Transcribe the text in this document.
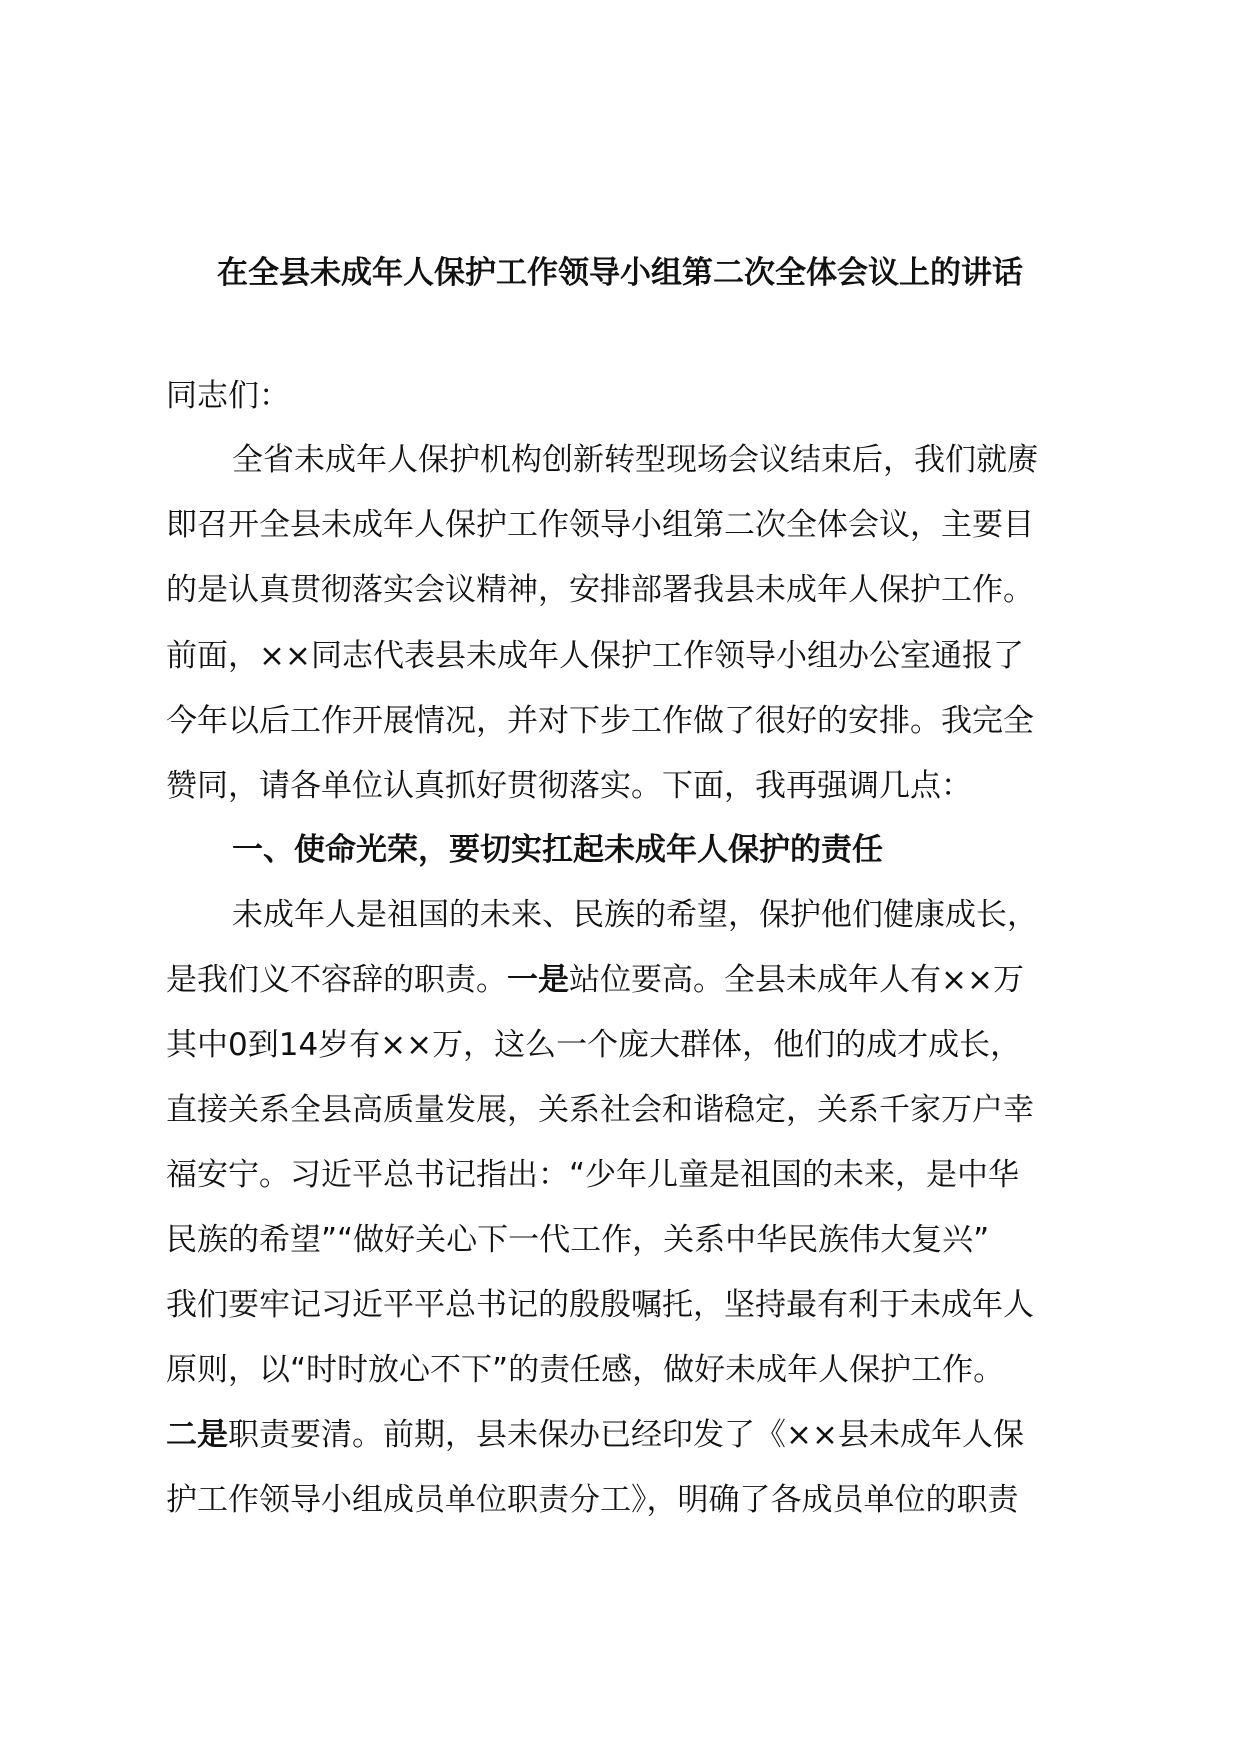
在全县未成年人保护工作领导小组第二次全体会议上的讲话
同志们：
全省未成年人保护机构创新转型现场会议结束后，我们就赓
即召开全县未成年人保护工作领导小组第二次全体会议，主要目
的是认真贯彻落实会议精神，安排部署我县未成年人保护工作。
前面，××同志代表县未成年人保护工作领导小组办公室通报了
今年以后工作开展情况，并对下步工作做了很好的安排。我完全
赞同，请各单位认真抓好贯彻落实。下面，我再强调几点：
一、使命光荣，要切实扛起未成年人保护的责任
未成年人是祖国的未来、民族的希望，保护他们健康成长，
是我们义不容辞的职责。一是站位要高。全县未成年人有××万
其中0到14岁有××万，这么一个庞大群体，他们的成才成长，
直接关系全县高质量发展，关系社会和谐稳定，关系千家万户幸
福安宁。习近平总书记指出：“少年儿童是祖国的未来，是中华
民族的希望”“做好关心下一代工作，关系中华民族伟大复兴”
我们要牢记习近平平总书记的殷殷嘱托，坚持最有利于未成年人
原则，以“时时放心不下”的责任感，做好未成年人保护工作。
二是职责要清。前期，县未保办已经印发了《××县未成年人保
护工作领导小组成员单位职责分工》，明确了各成员单位的职责
